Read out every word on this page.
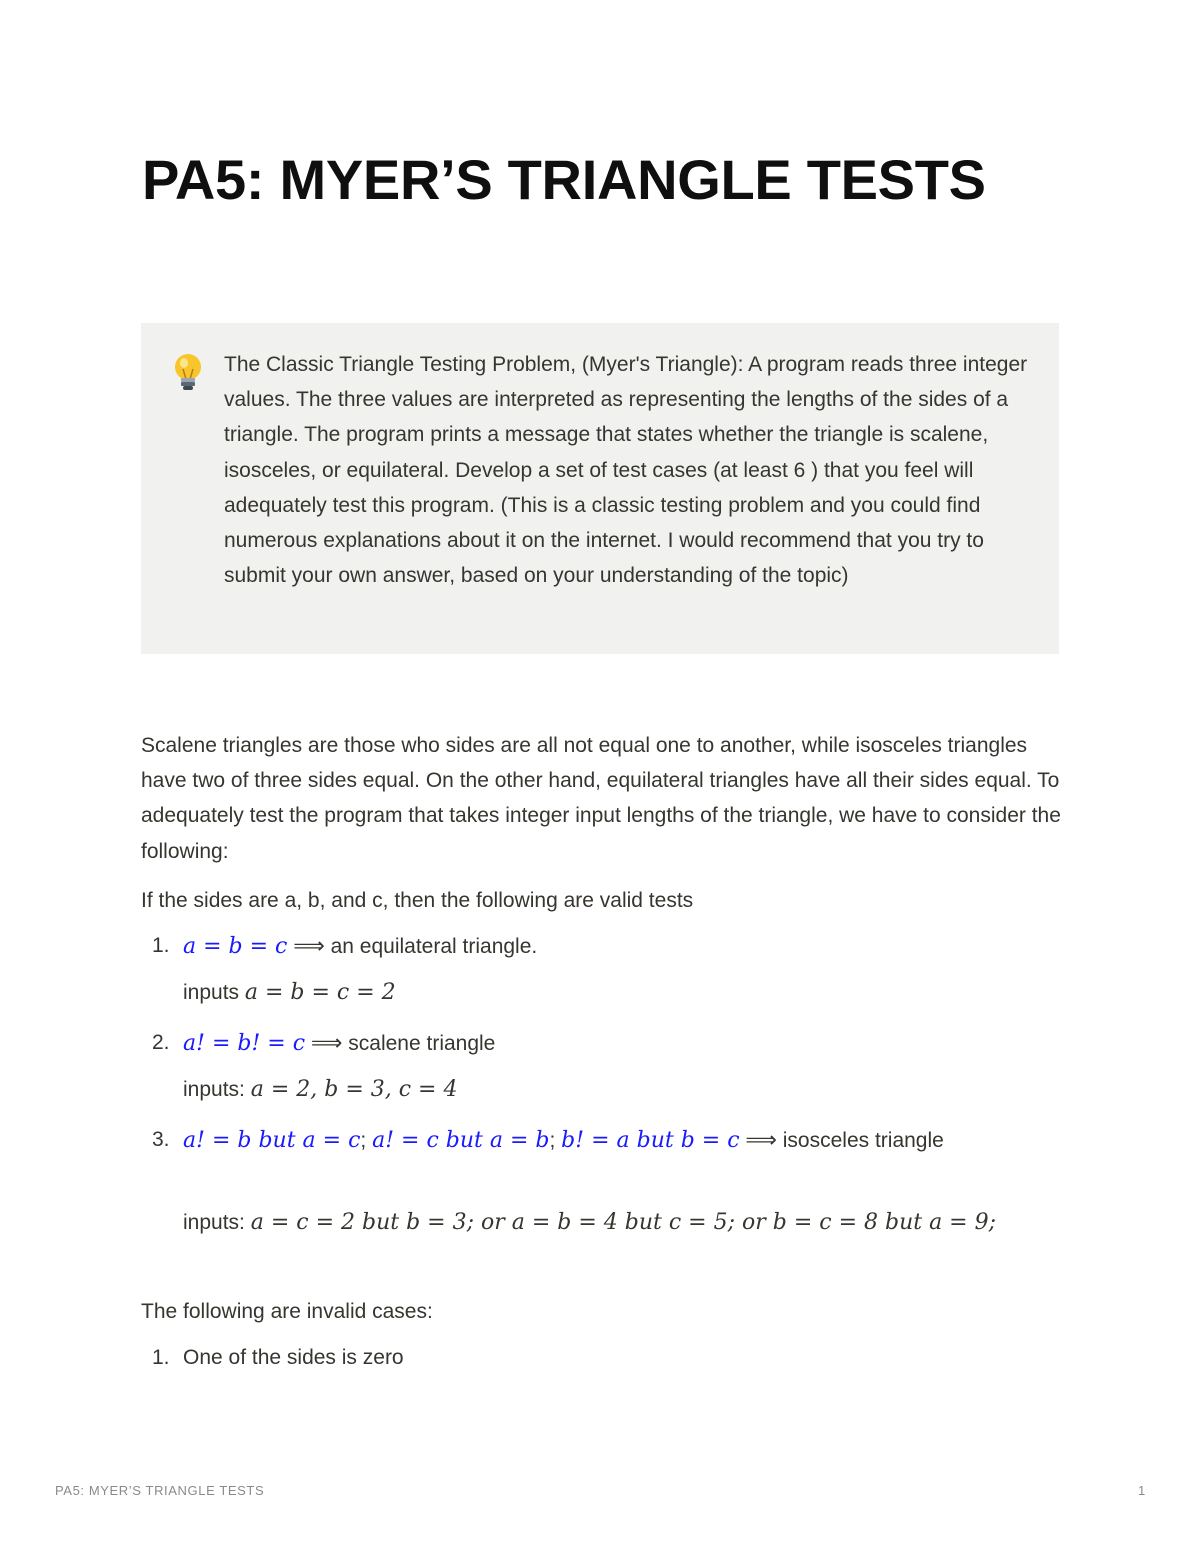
PA5: MYER’S TRIANGLE TESTS
The Classic Triangle Testing Problem, (Myer's Triangle): A program reads three integer values. The three values are interpreted as representing the lengths of the sides of a triangle. The program prints a message that states whether the triangle is scalene, isosceles, or equilateral. Develop a set of test cases (at least 6 ) that you feel will adequately test this program. (This is a classic testing problem and you could find numerous explanations about it on the internet. I would recommend that you try to submit your own answer, based on your understanding of the topic)
Scalene triangles are those who sides are all not equal one to another, while isosceles triangles have two of three sides equal. On the other hand, equilateral triangles have all their sides equal. To adequately test the program that takes integer input lengths of the triangle, we have to consider the following:
If the sides are a, b, and c, then the following are valid tests
1. a = b = c ⟹ an equilateral triangle.
inputs a = b = c = 2
2. a! = b! = c ⟹ scalene triangle
inputs: a = 2, b = 3, c = 4
3. a! = b but a = c; a! = c but a = b; b! = a but b = c ⟹ isosceles triangle
inputs: a = c = 2 but b = 3; or a = b = 4 but c = 5; or b = c = 8 but a = 9;
The following are invalid cases:
1. One of the sides is zero
PA5: MYER’S TRIANGLE TESTS	1
